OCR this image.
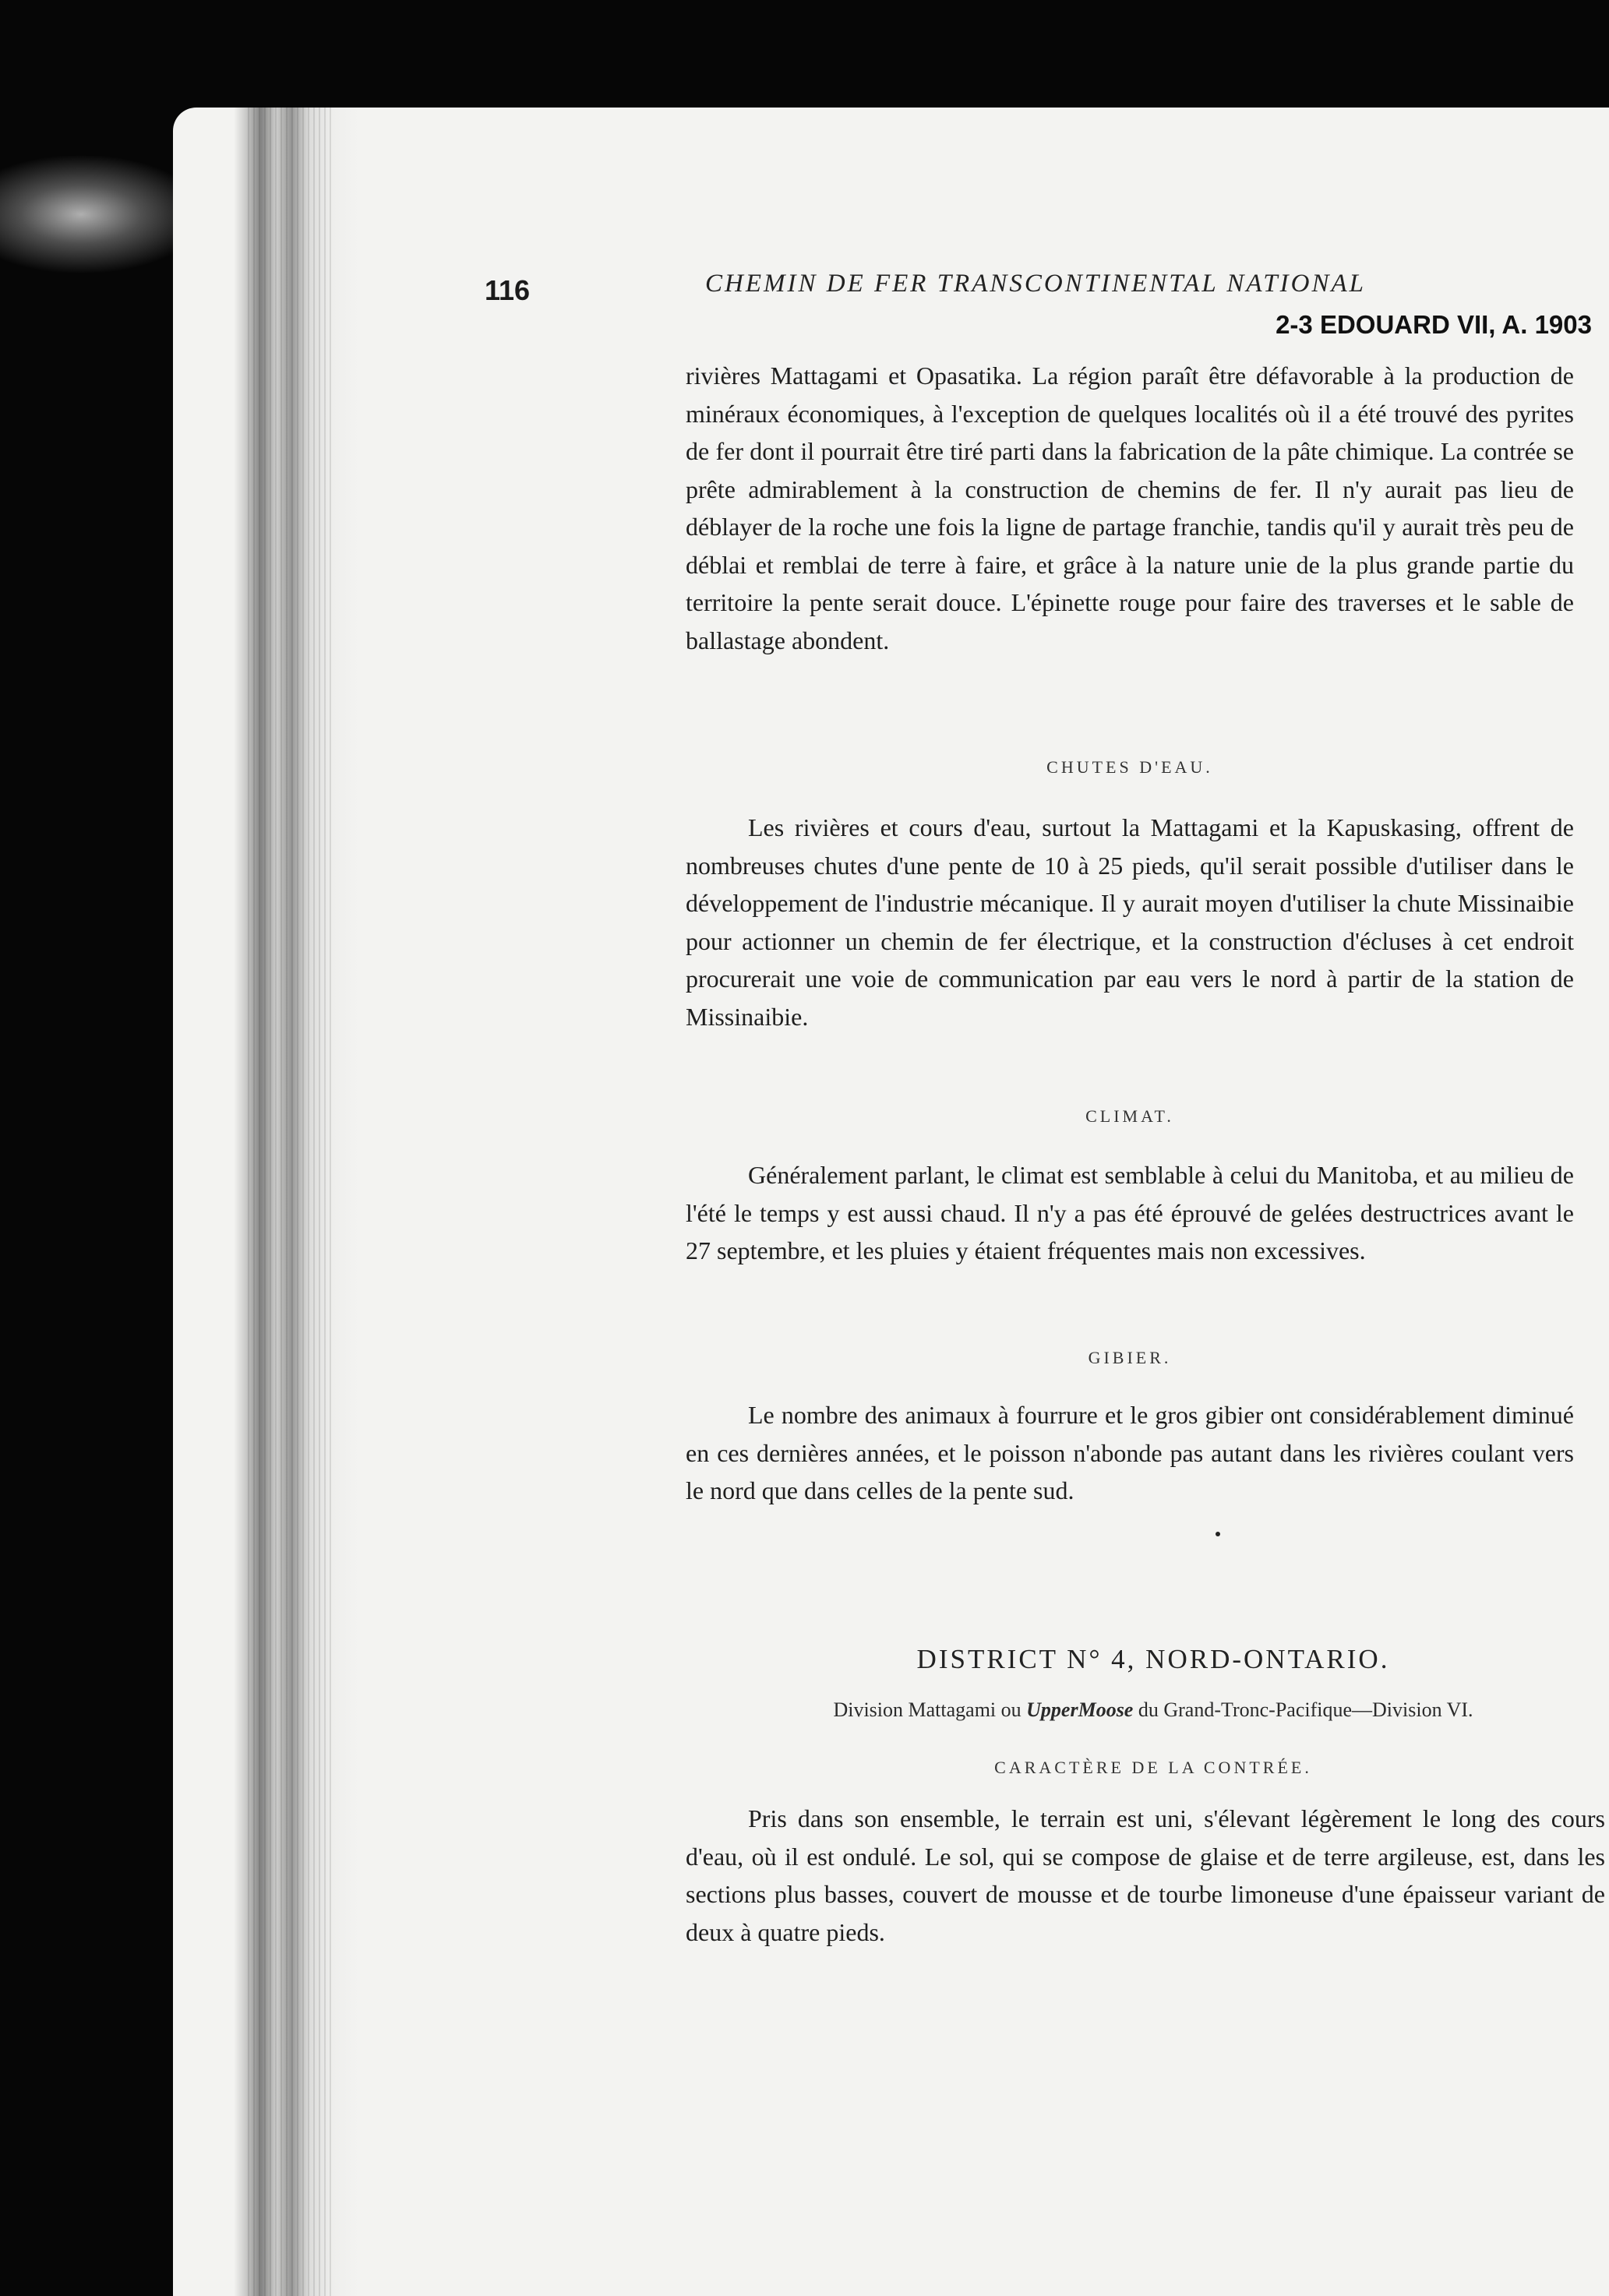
116	CHEMIN DE FER TRANSCONTINENTAL NATIONAL
2-3 EDOUARD VII, A. 1903

rivières Mattagami et Opasatika. La région paraît être défavorable à la production de minéraux économiques, à l'exception de quelques localités où il a été trouvé des pyrites de fer dont il pourrait être tiré parti dans la fabrication de la pâte chimique. La contrée se prête admirablement à la construction de chemins de fer. Il n'y aurait pas lieu de déblayer de la roche une fois la ligne de partage franchie, tandis qu'il y aurait très peu de déblai et remblai de terre à faire, et grâce à la nature unie de la plus grande partie du territoire la pente serait douce. L'épinette rouge pour faire des traverses et le sable de ballastage abondent.

CHUTES D'EAU.

Les rivières et cours d'eau, surtout la Mattagami et la Kapuskasing, offrent de nombreuses chutes d'une pente de 10 à 25 pieds, qu'il serait possible d'utiliser dans le développement de l'industrie mécanique. Il y aurait moyen d'utiliser la chute Missinaibie pour actionner un chemin de fer électrique, et la construction d'écluses à cet endroit procurerait une voie de communication par eau vers le nord à partir de la station de Missinaibie.

CLIMAT.

Généralement parlant, le climat est semblable à celui du Manitoba, et au milieu de l'été le temps y est aussi chaud. Il n'y a pas été éprouvé de gelées destructrices avant le 27 septembre, et les pluies y étaient fréquentes mais non excessives.

GIBIER.

Le nombre des animaux à fourrure et le gros gibier ont considérablement diminué en ces dernières années, et le poisson n'abonde pas autant dans les rivières coulant vers le nord que dans celles de la pente sud.

DISTRICT N° 4, NORD-ONTARIO.

Division Mattagami ou UpperMoose du Grand-Tronc-Pacifique—Division VI.

CARACTÈRE DE LA CONTRÉE.

Pris dans son ensemble, le terrain est uni, s'élevant légèrement le long des cours d'eau, où il est ondulé. Le sol, qui se compose de glaise et de terre argileuse, est, dans les sections plus basses, couvert de mousse et de tourbe limoneuse d'une épaisseur variant de deux à quatre pieds.
